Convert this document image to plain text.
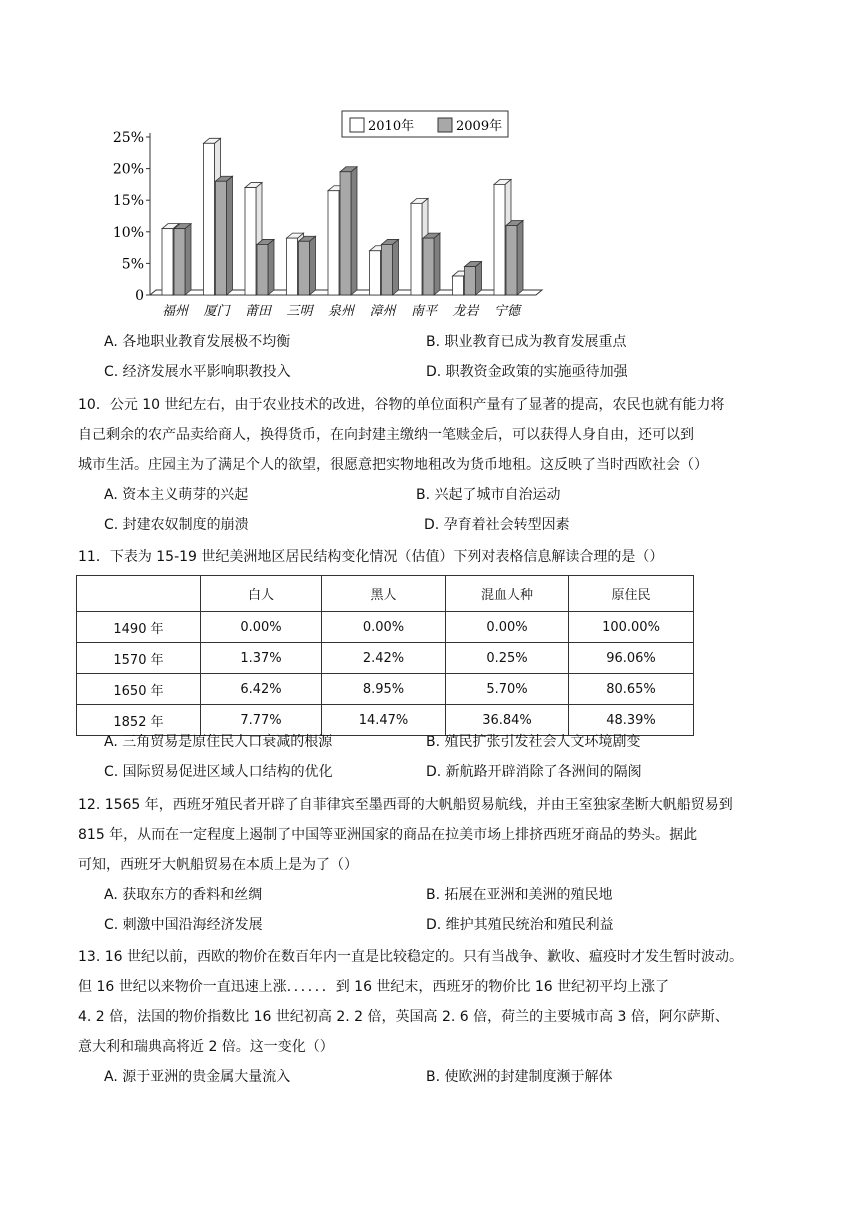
2010年	2009年
0
5%
10%
15%
20%
25%
福州 厦门 莆田 三明 泉州 漳州 南平 龙岩 宁德
A. 各地职业教育发展极不均衡	B. 职业教育已成为教育发展重点
C. 经济发展水平影响职教投入	D. 职教资金政策的实施亟待加强
10．公元 10 世纪左右，由于农业技术的改进，谷物的单位面积产量有了显著的提高，农民也就有能力将
自己剩余的农产品卖给商人，换得货币，在向封建主缴纳一笔赎金后，可以获得人身自由，还可以到
城市生活。庄园主为了满足个人的欲望，很愿意把实物地租改为货币地租。这反映了当时西欧社会（）
A. 资本主义萌芽的兴起	B. 兴起了城市自治运动
C. 封建农奴制度的崩溃	D. 孕育着社会转型因素
11．下表为 15-19 世纪美洲地区居民结构变化情况（估值）下列对表格信息解读合理的是（）
	白人	黑人	混血人种	原住民
1490 年	0.00%	0.00%	0.00%	100.00%
1570 年	1.37%	2.42%	0.25%	96.06%
1650 年	6.42%	8.95%	5.70%	80.65%
1852 年	7.77%	14.47%	36.84%	48.39%
A. 三角贸易是原住民人口衰减的根源	B. 殖民扩张引发社会人文环境剧变
C. 国际贸易促进区域人口结构的优化	D. 新航路开辟消除了各洲间的隔阂
12. 1565 年，西班牙殖民者开辟了自菲律宾至墨西哥的大帆船贸易航线，并由王室独家垄断大帆船贸易到
815 年，从而在一定程度上遏制了中国等亚洲国家的商品在拉美市场上排挤西班牙商品的势头。据此
可知，西班牙大帆船贸易在本质上是为了（）
A. 获取东方的香料和丝绸	B. 拓展在亚洲和美洲的殖民地
C. 刺激中国沿海经济发展	D. 维护其殖民统治和殖民利益
13. 16 世纪以前，西欧的物价在数百年内一直是比较稳定的。只有当战争、歉收、瘟疫时才发生暂时波动。
但 16 世纪以来物价一直迅速上涨．．．．．．到 16 世纪末，西班牙的物价比 16 世纪初平均上涨了
4. 2 倍，法国的物价指数比 16 世纪初高 2. 2 倍，英国高 2. 6 倍，荷兰的主要城市高 3 倍，阿尔萨斯、
意大利和瑞典高将近 2 倍。这一变化（）
A. 源于亚洲的贵金属大量流入	B. 使欧洲的封建制度濒于解体
